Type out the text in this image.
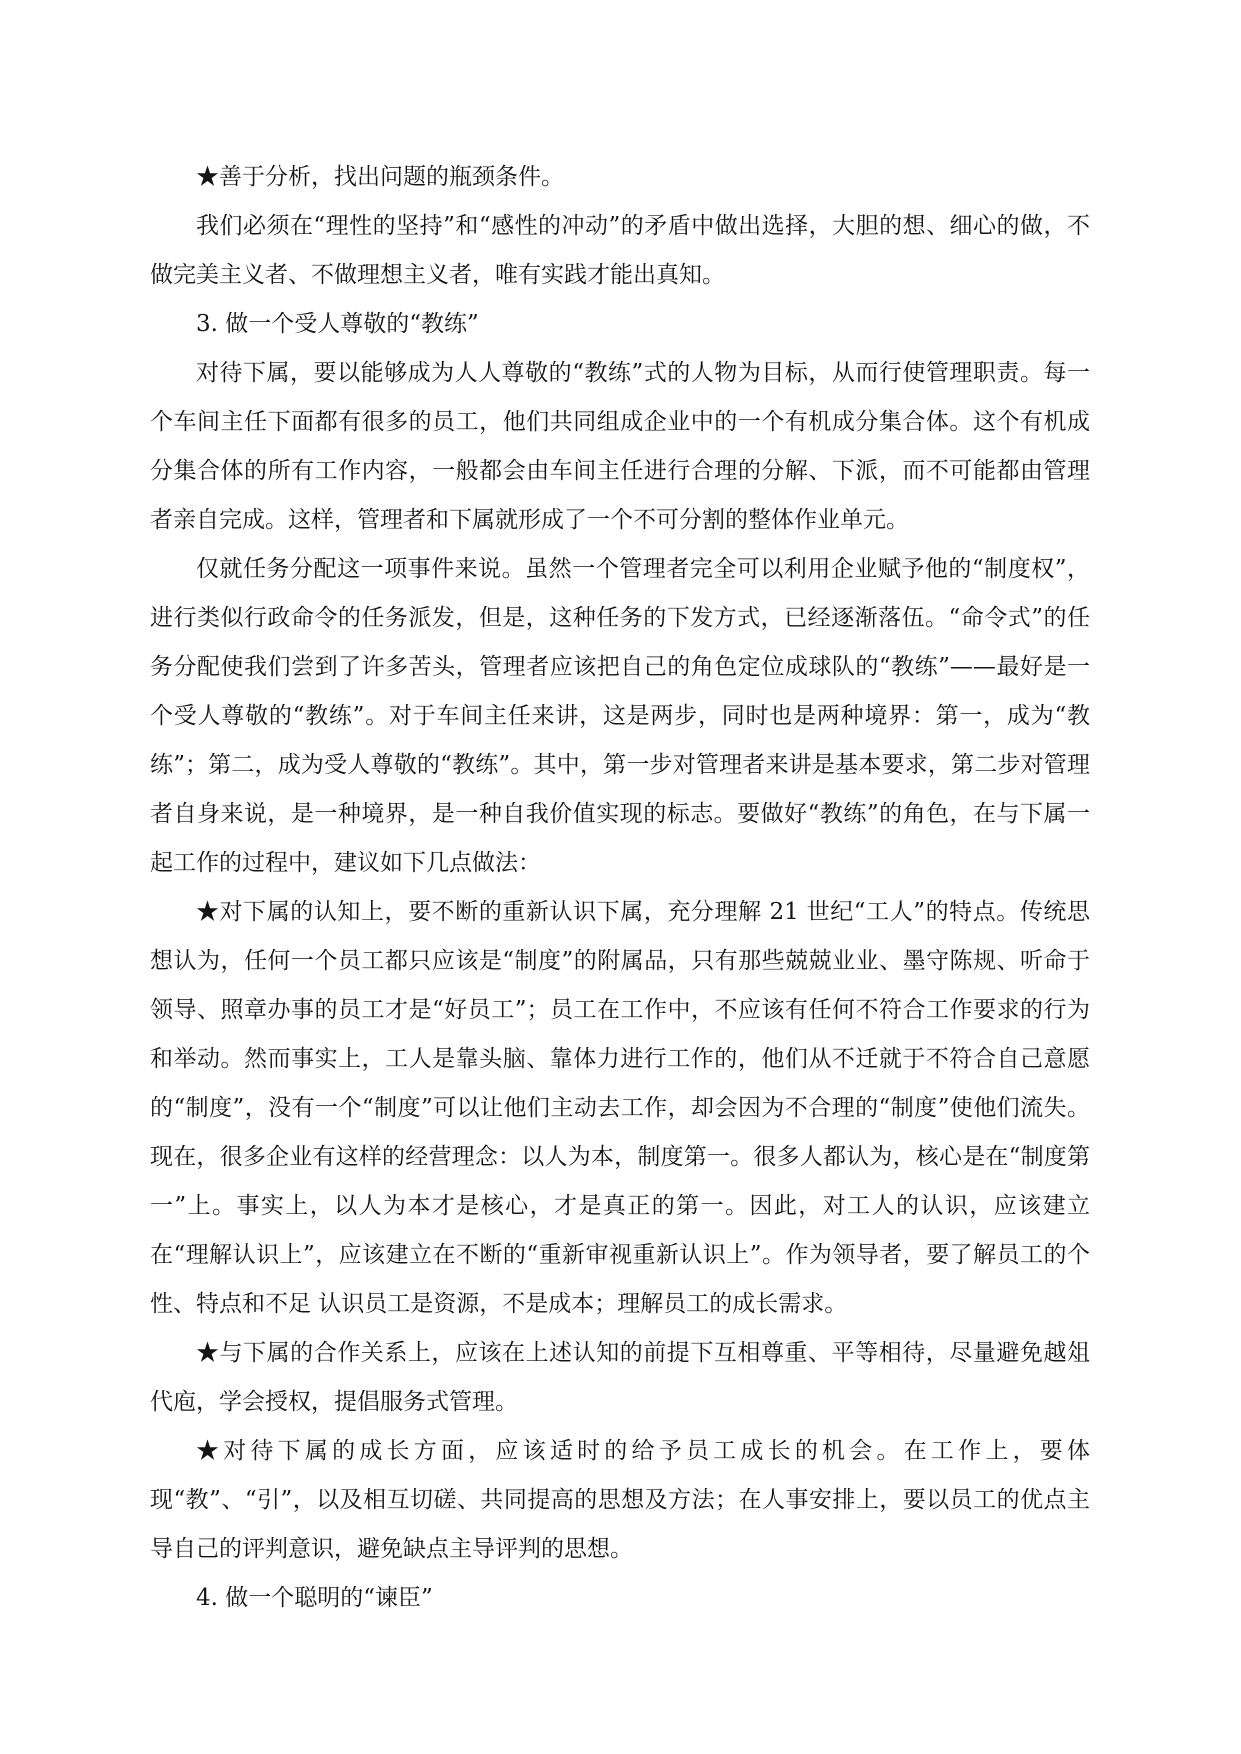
★善于分析，找出问题的瓶颈条件。

我们必须在“理性的坚持”和“感性的冲动”的矛盾中做出选择，大胆的想、细心的做，不做完美主义者、不做理想主义者，唯有实践才能出真知。

3. 做一个受人尊敬的“教练”

对待下属，要以能够成为人人尊敬的“教练”式的人物为目标，从而行使管理职责。每一个车间主任下面都有很多的员工，他们共同组成企业中的一个有机成分集合体。这个有机成分集合体的所有工作内容，一般都会由车间主任进行合理的分解、下派，而不可能都由管理者亲自完成。这样，管理者和下属就形成了一个不可分割的整体作业单元。

仅就任务分配这一项事件来说。虽然一个管理者完全可以利用企业赋予他的“制度权”，进行类似行政命令的任务派发，但是，这种任务的下发方式，已经逐渐落伍。“命令式”的任务分配使我们尝到了许多苦头，管理者应该把自己的角色定位成球队的“教练”——最好是一个受人尊敬的“教练”。对于车间主任来讲，这是两步，同时也是两种境界：第一，成为“教练”；第二，成为受人尊敬的“教练”。其中，第一步对管理者来讲是基本要求，第二步对管理者自身来说，是一种境界，是一种自我价值实现的标志。要做好“教练”的角色，在与下属一起工作的过程中，建议如下几点做法：

★对下属的认知上，要不断的重新认识下属，充分理解 21 世纪“工人”的特点。传统思想认为，任何一个员工都只应该是“制度”的附属品，只有那些兢兢业业、墨守陈规、听命于领导、照章办事的员工才是“好员工”；员工在工作中，不应该有任何不符合工作要求的行为和举动。然而事实上，工人是靠头脑、靠体力进行工作的，他们从不迁就于不符合自己意愿的“制度”，没有一个“制度”可以让他们主动去工作，却会因为不合理的“制度”使他们流失。现在，很多企业有这样的经营理念：以人为本，制度第一。很多人都认为，核心是在“制度第一”上。事实上，以人为本才是核心，才是真正的第一。因此，对工人的认识，应该建立在“理解认识上”，应该建立在不断的“重新审视重新认识上”。作为领导者，要了解员工的个性、特点和不足 认识员工是资源，不是成本；理解员工的成长需求。

★与下属的合作关系上，应该在上述认知的前提下互相尊重、平等相待，尽量避免越俎代庖，学会授权，提倡服务式管理。

★对待下属的成长方面，应该适时的给予员工成长的机会。在工作上，要体现“教”、“引”，以及相互切磋、共同提高的思想及方法；在人事安排上，要以员工的优点主导自己的评判意识，避免缺点主导评判的思想。

4. 做一个聪明的“谏臣”
